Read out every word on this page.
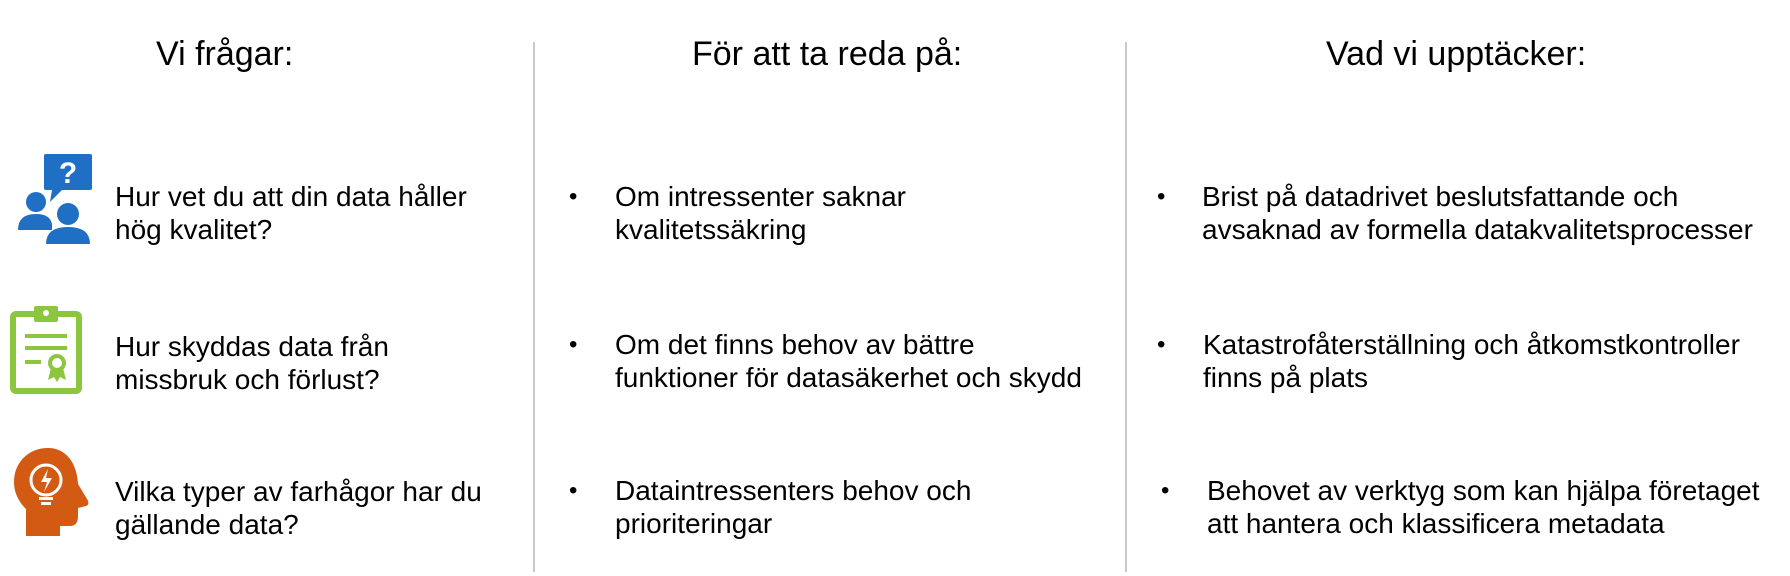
Vi frågar:	För att ta reda på:	Vad vi upptäcker:
?
Hur vet du att din data håller
hög kvalitet?
• Om intressenter saknar
kvalitetssäkring
• Brist på datadrivet beslutsfattande och
avsaknad av formella datakvalitetsprocesser
Hur skyddas data från
missbruk och förlust?
• Om det finns behov av bättre
funktioner för datasäkerhet och skydd
• Katastrofåterställning och åtkomstkontroller
finns på plats
Vilka typer av farhågor har du
gällande data?
• Dataintressenters behov och
prioriteringar
• Behovet av verktyg som kan hjälpa företaget
att hantera och klassificera metadata
